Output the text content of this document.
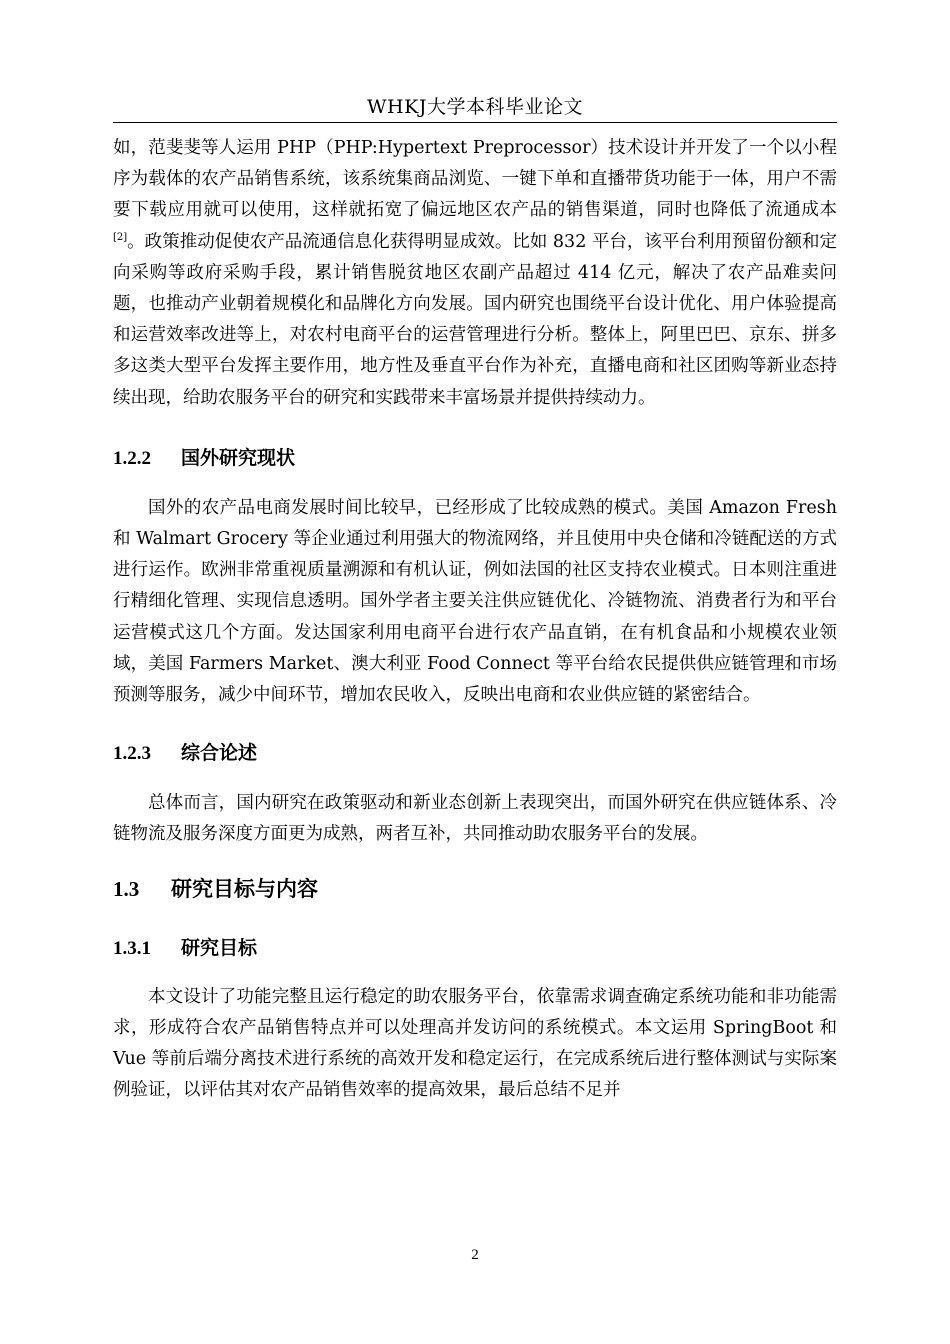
WHKJ大学本科毕业论文

如，范斐斐等人运用 PHP（PHP:Hypertext Preprocessor）技术设计并开发了一个以小程序为载体的农产品销售系统，该系统集商品浏览、一键下单和直播带货功能于一体，用户不需要下载应用就可以使用，这样就拓宽了偏远地区农产品的销售渠道，同时也降低了流通成本[2]。政策推动促使农产品流通信息化获得明显成效。比如 832 平台，该平台利用预留份额和定向采购等政府采购手段，累计销售脱贫地区农副产品超过 414 亿元，解决了农产品难卖问题，也推动产业朝着规模化和品牌化方向发展。国内研究也围绕平台设计优化、用户体验提高和运营效率改进等上，对农村电商平台的运营管理进行分析。整体上，阿里巴巴、京东、拼多多这类大型平台发挥主要作用，地方性及垂直平台作为补充，直播电商和社区团购等新业态持续出现，给助农服务平台的研究和实践带来丰富场景并提供持续动力。

1.2.2 国外研究现状

国外的农产品电商发展时间比较早，已经形成了比较成熟的模式。美国 Amazon Fresh 和 Walmart Grocery 等企业通过利用强大的物流网络，并且使用中央仓储和冷链配送的方式进行运作。欧洲非常重视质量溯源和有机认证，例如法国的社区支持农业模式。日本则注重进行精细化管理、实现信息透明。国外学者主要关注供应链优化、冷链物流、消费者行为和平台运营模式这几个方面。发达国家利用电商平台进行农产品直销，在有机食品和小规模农业领域，美国 Farmers Market、澳大利亚 Food Connect 等平台给农民提供供应链管理和市场预测等服务，减少中间环节，增加农民收入，反映出电商和农业供应链的紧密结合。

1.2.3 综合论述

总体而言，国内研究在政策驱动和新业态创新上表现突出，而国外研究在供应链体系、冷链物流及服务深度方面更为成熟，两者互补，共同推动助农服务平台的发展。

1.3 研究目标与内容
1.3.1 研究目标

本文设计了功能完整且运行稳定的助农服务平台，依靠需求调查确定系统功能和非功能需求，形成符合农产品销售特点并可以处理高并发访问的系统模式。本文运用 SpringBoot 和 Vue 等前后端分离技术进行系统的高效开发和稳定运行，在完成系统后进行整体测试与实际案例验证，以评估其对农产品销售效率的提高效果，最后总结不足并

2
